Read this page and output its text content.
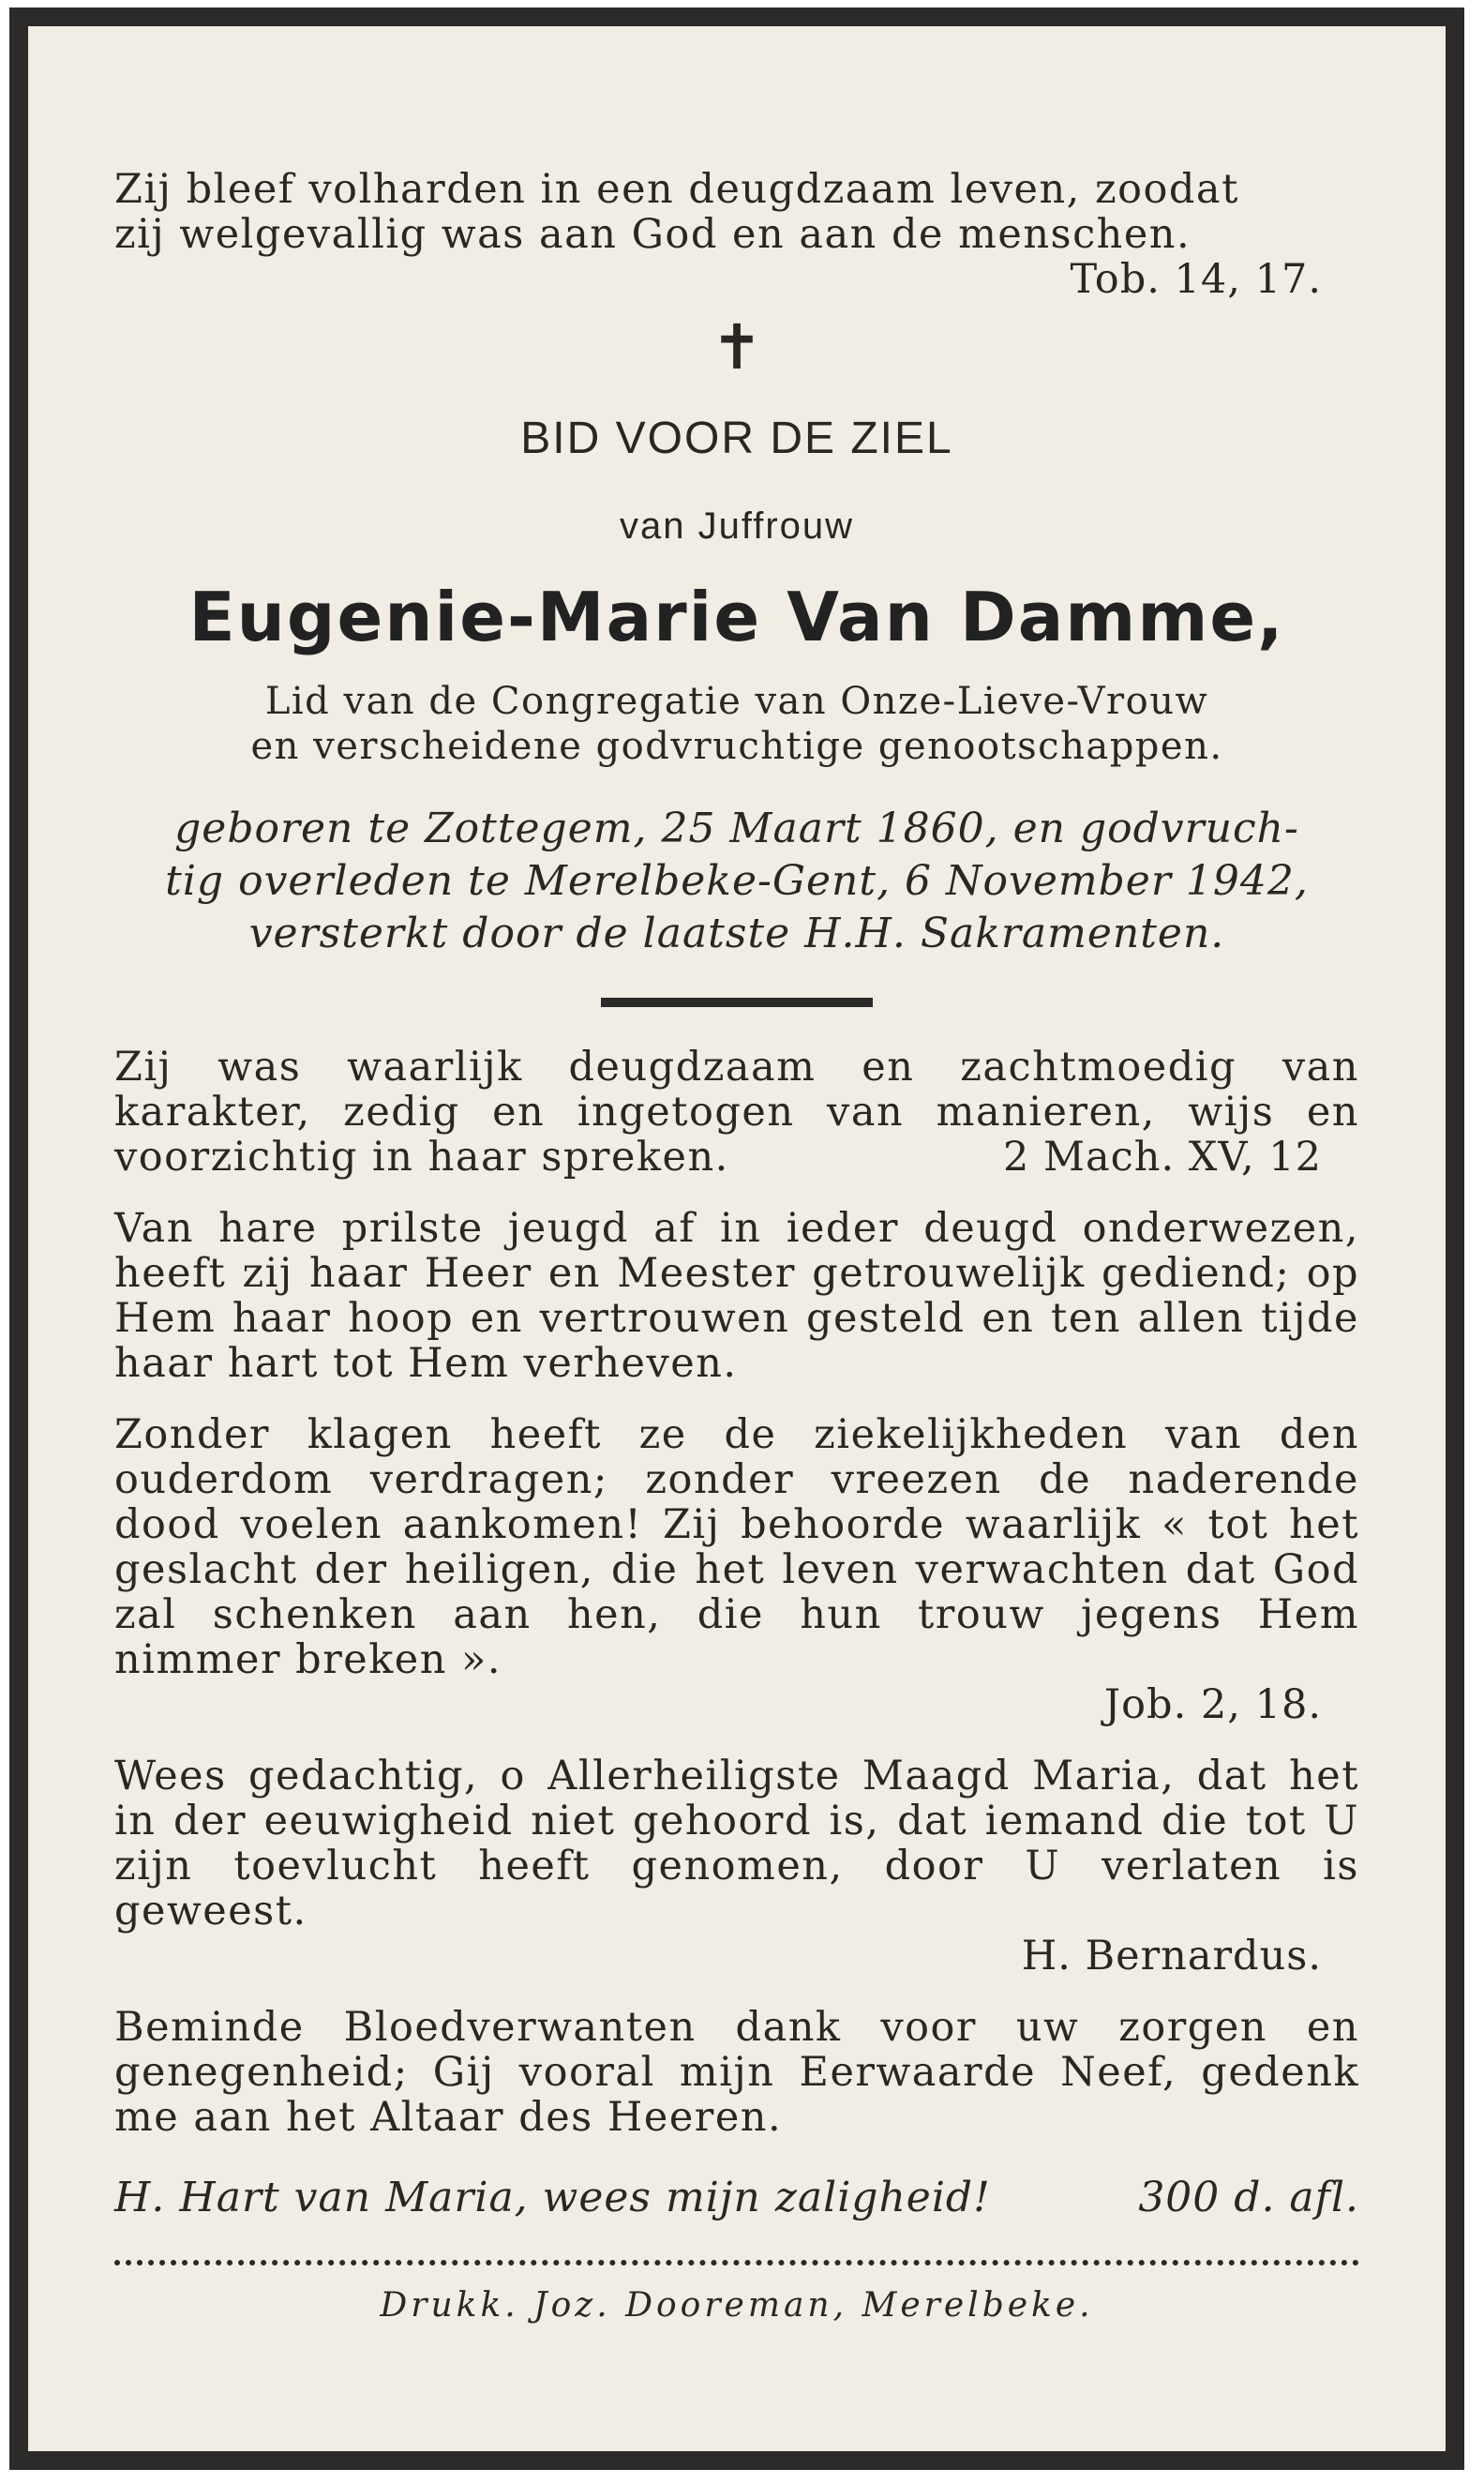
Zij bleef volharden in een deugdzaam leven, zoodat

zij welgevallig was aan God en aan de menschen.

Tob. 14, 17.
✝
BID VOOR DE ZIEL
van Juffrouw
Eugenie-Marie Van Damme,
Lid van de Congregatie van Onze-Lieve-Vrouw
en verscheidene godvruchtige genootschappen.
geboren te Zottegem, 25 Maart 1860, en godvruch-
tig overleden te Merelbeke-Gent, 6 November 1942,
versterkt door de laatste H.H. Sakramenten.

Zij was waarlijk deugdzaam en zachtmoedig van karakter, zedig en ingetogen van manieren, wijs en voorzichtig in haar spreken.	2 Mach. XV, 12

Van hare prilste jeugd af in ieder deugd onderwezen, heeft zij haar Heer en Meester getrouwelijk gediend; op Hem haar hoop en vertrouwen gesteld en ten allen tijde haar hart tot Hem verheven.

Zonder klagen heeft ze de ziekelijkheden van den ouderdom verdragen; zonder vreezen de naderende dood voelen aankomen! Zij behoorde waarlijk « tot het geslacht der heiligen, die het leven verwachten dat God zal schenken aan hen, die hun trouw jegens Hem nimmer breken ».

Job. 2, 18.

Wees gedachtig, o Allerheiligste Maagd Maria, dat het in der eeuwigheid niet gehoord is, dat iemand die tot U zijn toevlucht heeft genomen, door U verlaten is geweest.

H. Bernardus.

Beminde Bloedverwanten dank voor uw zorgen en genegenheid; Gij vooral mijn Eerwaarde Neef, gedenk me aan het Altaar des Heeren.

H. Hart van Maria, wees mijn zaligheid!	300 d. afl.
Drukk. Joz. Dooreman, Merelbeke.
